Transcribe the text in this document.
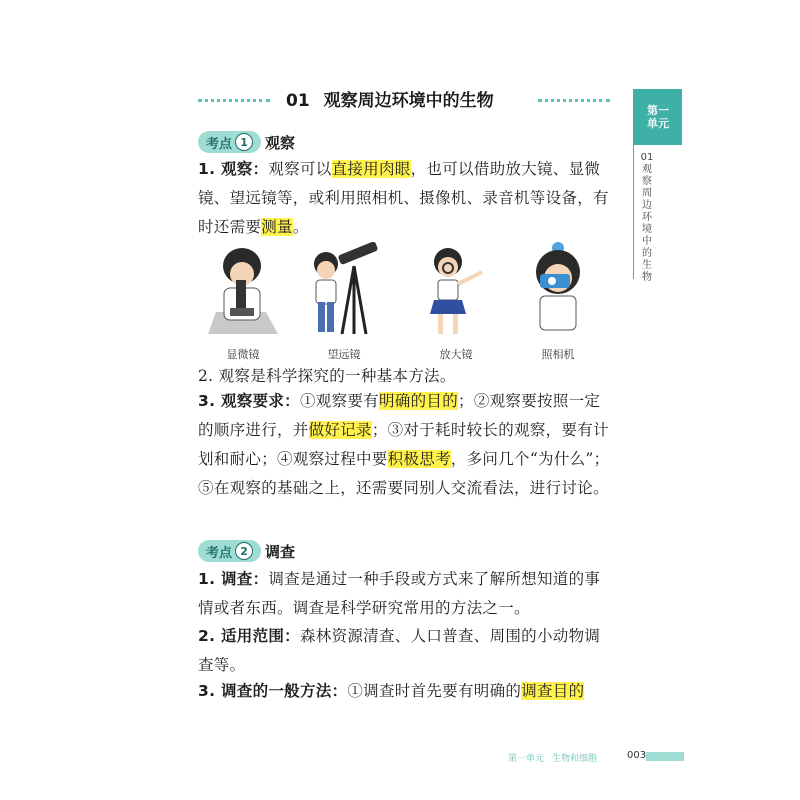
01 观察周边环境中的生物	第一单元
01观察周边环境中的生物
考点 1	观察
1. 观察：观察可以直接用肉眼，也可以借助放大镜、显微镜、望远镜等，或利用照相机、摄像机、录音机等设备，有时还需要测量。
显微镜	望远镜	放大镜	照相机
2. 观察是科学探究的一种基本方法。
3. 观察要求：①观察要有明确的目的；②观察要按照一定的顺序进行，并做好记录；③对于耗时较长的观察，要有计划和耐心；④观察过程中要积极思考，多问几个“为什么”；⑤在观察的基础之上，还需要同别人交流看法，进行讨论。
考点 2	调查
1. 调查：调查是通过一种手段或方式来了解所想知道的事情或者东西。调查是科学研究常用的方法之一。
2. 适用范围：森林资源清查、人口普查、周围的小动物调查等。
3. 调查的一般方法：①调查时首先要有明确的调查目的
第一单元 生物和细胞	003
